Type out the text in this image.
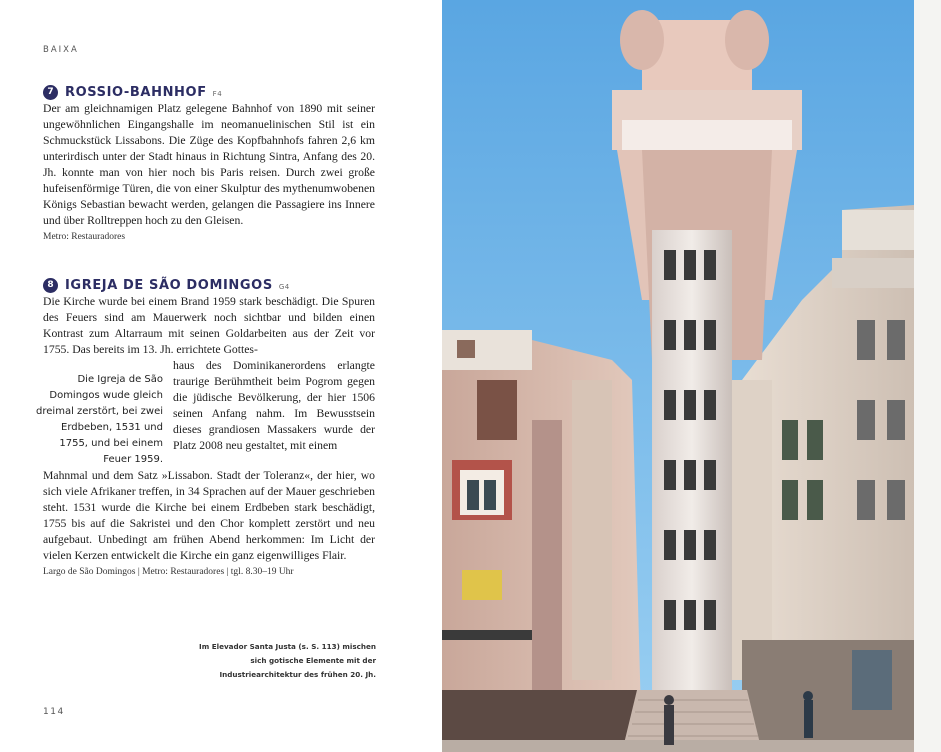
BAIXA
7 ROSSIO-BAHNHOF F4

Der am gleichnamigen Platz gelegene Bahnhof von 1890 mit seiner ungewöhnlichen Eingangshalle im neomanuelinischen Stil ist ein Schmuckstück Lissabons. Die Züge des Kopfbahnhofs fahren 2,6 km unterirdisch unter der Stadt hinaus in Richtung Sintra, Anfang des 20. Jh. konnte man von hier noch bis Paris reisen. Durch zwei große hufeisenförmige Türen, die von einer Skulptur des mythenumwobenen Königs Sebastian bewacht werden, gelangen die Passagiere ins Innere und über Rolltreppen hoch zu den Gleisen.

Metro: Restauradores
8 IGREJA DE SÃO DOMINGOS G4

Die Kirche wurde bei einem Brand 1959 stark beschädigt. Die Spuren des Feuers sind am Mauerwerk noch sichtbar und bilden einen Kontrast zum Altarraum mit seinen Goldarbeiten aus der Zeit vor 1755. Das bereits im 13. Jh. errichtete Gottes-

Die Igreja de São Domingos wude gleich dreimal zerstört, bei zwei Erdbeben, 1531 und 1755, und bei einem Feuer 1959.

haus des Dominikanerordens erlangte traurige Berühmtheit beim Pogrom gegen die jüdische Bevölkerung, der hier 1506 seinen Anfang nahm. Im Bewusstsein dieses grandiosen Massakers wurde der Platz 2008 neu gestaltet, mit einem

Mahnmal und dem Satz »Lissabon. Stadt der Toleranz«, der hier, wo sich viele Afrikaner treffen, in 34 Sprachen auf der Mauer geschrieben steht. 1531 wurde die Kirche bei einem Erdbeben stark beschädigt, 1755 bis auf die Sakristei und den Chor komplett zerstört und neu aufgebaut. Unbedingt am frühen Abend herkommen: Im Licht der vielen Kerzen entwickelt die Kirche ein ganz eigenwilliges Flair.

Largo de São Domingos | Metro: Restauradores | tgl. 8.30–19 Uhr
Im Elevador Santa Justa (s. S. 113) mischen sich gotische Elemente mit der Industriearchitektur des frühen 20. Jh.
114
